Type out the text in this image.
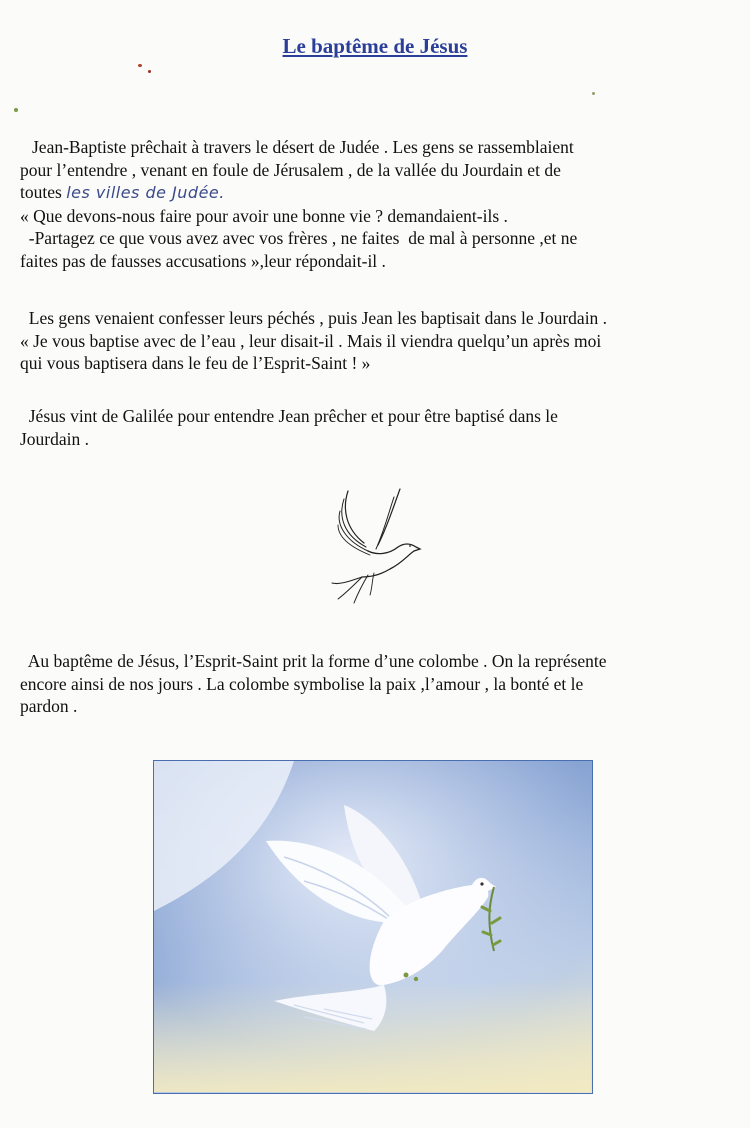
Le baptême de Jésus

Jean-Baptiste prêchait à travers le désert de Judée . Les gens se rassemblaient

pour l’entendre , venant en foule de Jérusalem , de la vallée du Jourdain et de

toutes les villes de Judée.

« Que devons-nous faire pour avoir une bonne vie ? demandaient-ils .

-Partagez ce que vous avez avec vos frères , ne faites  de mal à personne ,et ne

faites pas de fausses accusations »,leur répondait-il .

Les gens venaient confesser leurs péchés , puis Jean les baptisait dans le Jourdain .

« Je vous baptise avec de l’eau , leur disait-il . Mais il viendra quelqu’un après moi

qui vous baptisera dans le feu de l’Esprit-Saint ! »

Jésus vint de Galilée pour entendre Jean prêcher et pour être baptisé dans le

Jourdain .

Au baptême de Jésus, l’Esprit-Saint prit la forme d’une colombe . On la représente

encore ainsi de nos jours . La colombe symbolise la paix ,l’amour , la bonté et le

pardon .
